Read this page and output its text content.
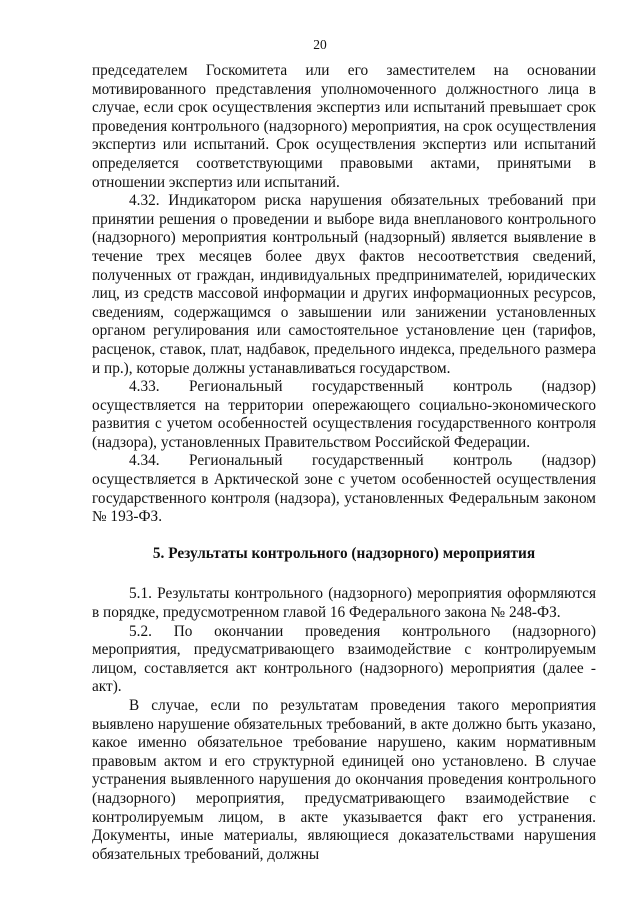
20

председателем Госкомитета или его заместителем на основании мотивированного представления уполномоченного должностного лица в случае, если срок осуществления экспертиз или испытаний превышает срок проведения контрольного (надзорного) мероприятия, на срок осуществления экспертиз или испытаний. Срок осуществления экспертиз или испытаний определяется соответствующими правовыми актами, принятыми в отношении экспертиз или испытаний.

4.32. Индикатором риска нарушения обязательных требований при принятии решения о проведении и выборе вида внепланового контрольного (надзорного) мероприятия контрольный (надзорный) является выявление в течение трех месяцев более двух фактов несоответствия сведений, полученных от граждан, индивидуальных предпринимателей, юридических лиц, из средств массовой информации и других информационных ресурсов, сведениям, содержащимся о завышении или занижении установленных органом регулирования или самостоятельное установление цен (тарифов, расценок, ставок, плат, надбавок, предельного индекса, предельного размера и пр.), которые должны устанавливаться государством.

4.33. Региональный государственный контроль (надзор) осуществляется на территории опережающего социально-экономического развития с учетом особенностей осуществления государственного контроля (надзора), установленных Правительством Российской Федерации.

4.34. Региональный государственный контроль (надзор) осуществляется в Арктической зоне с учетом особенностей осуществления государственного контроля (надзора), установленных Федеральным законом № 193-ФЗ.

5. Результаты контрольного (надзорного) мероприятия

5.1. Результаты контрольного (надзорного) мероприятия оформляются в порядке, предусмотренном главой 16 Федерального закона № 248-ФЗ.

5.2. По окончании проведения контрольного (надзорного) мероприятия, предусматривающего взаимодействие с контролируемым лицом, составляется акт контрольного (надзорного) мероприятия (далее - акт).

В случае, если по результатам проведения такого мероприятия выявлено нарушение обязательных требований, в акте должно быть указано, какое именно обязательное требование нарушено, каким нормативным правовым актом и его структурной единицей оно установлено. В случае устранения выявленного нарушения до окончания проведения контрольного (надзорного) мероприятия, предусматривающего взаимодействие с контролируемым лицом, в акте указывается факт его устранения. Документы, иные материалы, являющиеся доказательствами нарушения обязательных требований, должны
